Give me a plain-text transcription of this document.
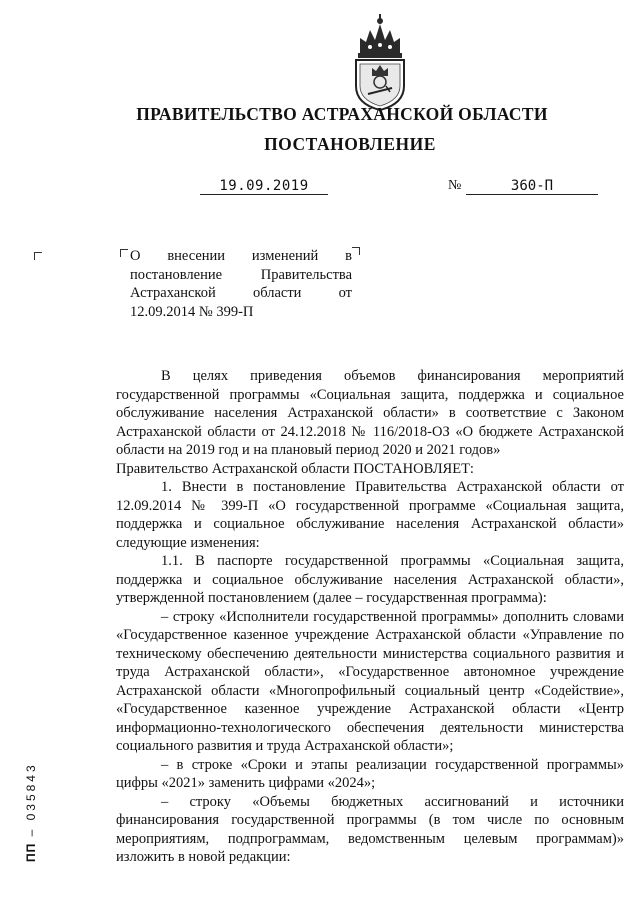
ПРАВИТЕЛЬСТВО АСТРАХАНСКОЙ ОБЛАСТИ
ПОСТАНОВЛЕНИЕ
19.09.2019	№	360-П
О внесении изменений в постановление Правительства Астраханской области от 12.09.2014 № 399-П

В целях приведения объемов финансирования мероприятий государственной программы «Социальная защита, поддержка и социальное обслуживание населения Астраханской области» в соответствие с Законом Астраханской области от 24.12.2018 № 116/2018-ОЗ «О бюджете Астраханской области на 2019 год и на плановый период 2020 и 2021 годов»

Правительство Астраханской области ПОСТАНОВЛЯЕТ:

1. Внести в постановление Правительства Астраханской области от 12.09.2014 № 399-П «О государственной программе «Социальная защита, поддержка и социальное обслуживание населения Астраханской области» следующие изменения:

1.1. В паспорте государственной программы «Социальная защита, поддержка и социальное обслуживание населения Астраханской области», утвержденной постановлением (далее – государственная программа):

– строку «Исполнители государственной программы» дополнить словами «Государственное казенное учреждение Астраханской области «Управление по техническому обеспечению деятельности министерства социального развития и труда Астраханской области», «Государственное автономное учреждение Астраханской области «Многопрофильный социальный центр «Содействие», «Государственное казенное учреждение Астраханской области «Центр информационно-технологического обеспечения деятельности министерства социального развития и труда Астраханской области»;

– в строке «Сроки и этапы реализации государственной программы» цифры «2021» заменить цифрами «2024»;

– строку «Объемы бюджетных ассигнований и источники финансирования государственной программы (в том числе по основным мероприятиям, подпрограммам, ведомственным целевым программам)» изложить в новой редакции:

ПП – 035843
